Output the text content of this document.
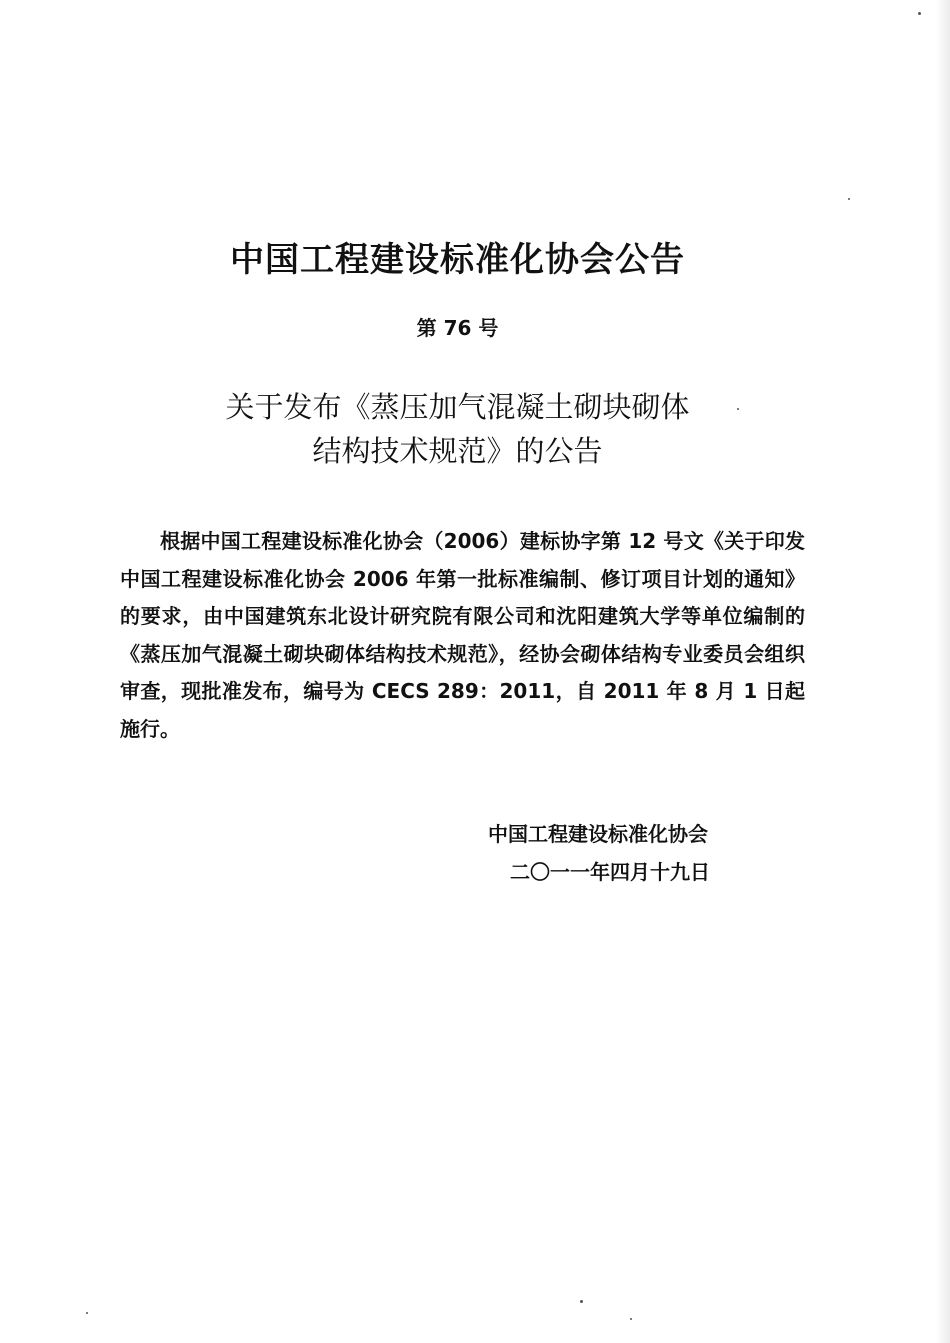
中国工程建设标准化协会公告
第 76 号
关于发布《蒸压加气混凝土砌块砌体
结构技术规范》的公告

根据中国工程建设标准化协会（2006）建标协字第 12 号文《关于印发中国工程建设标准化协会 2006 年第一批标准编制、修订项目计划的通知》的要求，由中国建筑东北设计研究院有限公司和沈阳建筑大学等单位编制的《蒸压加气混凝土砌块砌体结构技术规范》，经协会砌体结构专业委员会组织审查，现批准发布，编号为 CECS 289：2011，自 2011 年 8 月 1 日起施行。

中国工程建设标准化协会
二〇一一年四月十九日
